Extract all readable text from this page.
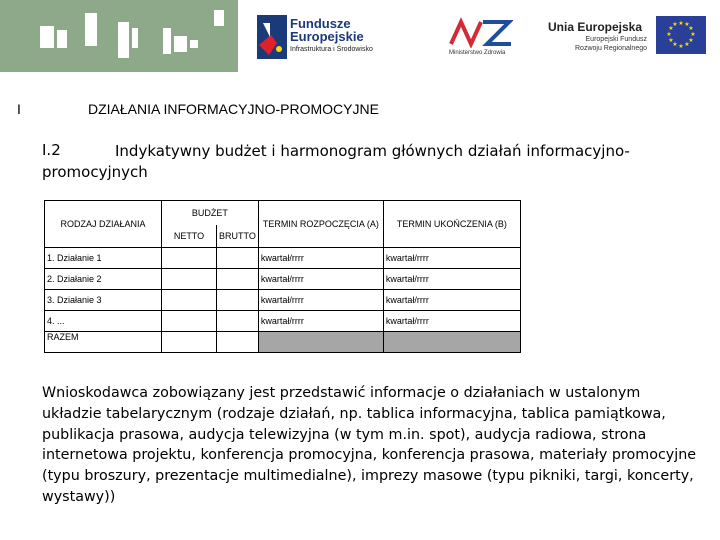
Fundusze
Europejskie
Infrastruktura i Środowisko	Ministerstwo Zdrowia
Unia Europejska
Europejski Fundusz
Rozwoju Regionalnego
★ ★
★
★
★
★
★
★
★
★
★
★
I	DZIAŁANIA INFORMACYJNO-PROMOCYJNE
I.2	Indykatywny budżet i harmonogram głównych działań informacyjno-promocyjnych
RODZAJ DZIAŁANIA	BUDŻET		TERMIN ROZPOCZĘCIA (A)	TERMIN UKOŃCZENIA (B)
	NETTO	BRUTTO		
1. Działanie 1			kwartał/rrrr	kwartał/rrrr
2. Działanie 2			kwartał/rrrr	kwartał/rrrr
3. Działanie 3			kwartał/rrrr	kwartał/rrrr
4. ...			kwartał/rrrr	kwartał/rrrr
RAZEM				
Wnioskodawca zobowiązany jest przedstawić informacje o działaniach w ustalonym układzie tabelarycznym (rodzaje działań, np. tablica informacyjna, tablica pamiątkowa, publikacja prasowa, audycja telewizyjna (w tym m.in. spot), audycja radiowa, strona internetowa projektu, konferencja promocyjna, konferencja prasowa, materiały promocyjne (typu broszury, prezentacje multimedialne), imprezy masowe (typu pikniki, targi, koncerty, wystawy))
